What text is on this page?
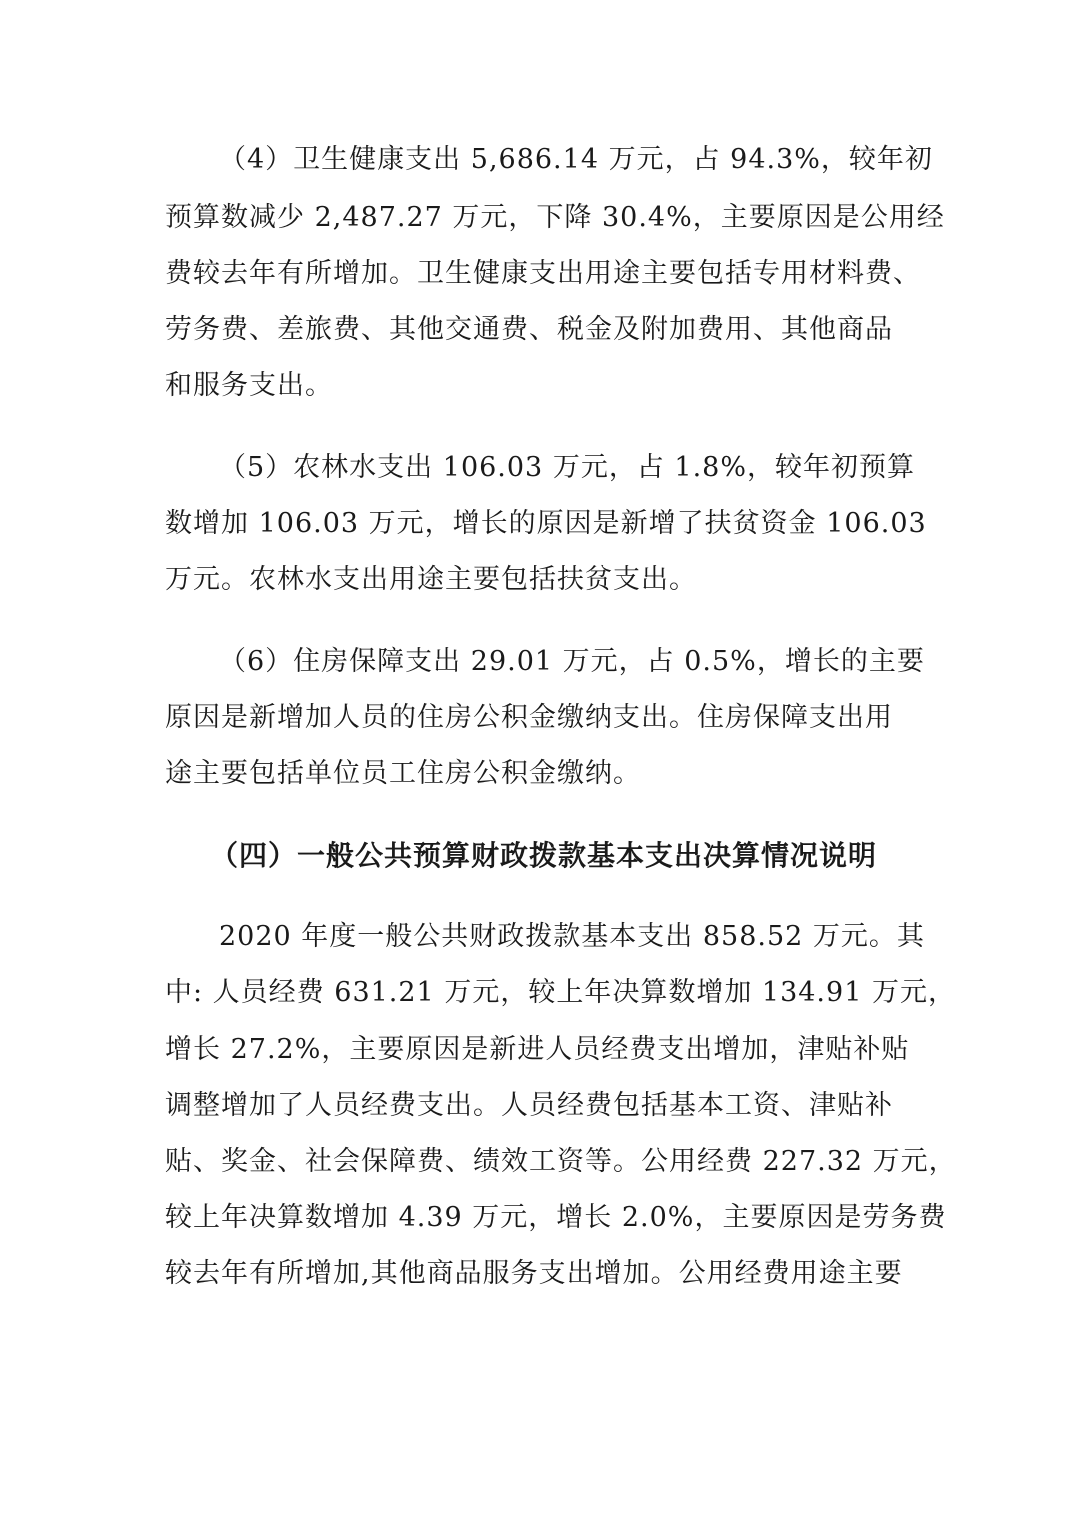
（4）卫生健康支出 5,686.14 万元，占 94.3%，较年初
预算数减少 2,487.27 万元，下降 30.4%，主要原因是公用经
费较去年有所增加。卫生健康支出用途主要包括专用材料费、
劳务费、差旅费、其他交通费、税金及附加费用、其他商品
和服务支出。
（5）农林水支出 106.03 万元，占 1.8%，较年初预算
数增加 106.03 万元，增长的原因是新增了扶贫资金 106.03
万元。农林水支出用途主要包括扶贫支出。
（6）住房保障支出 29.01 万元，占 0.5%，增长的主要
原因是新增加人员的住房公积金缴纳支出。住房保障支出用
途主要包括单位员工住房公积金缴纳。
（四）一般公共预算财政拨款基本支出决算情况说明
2020 年度一般公共财政拨款基本支出 858.52 万元。其
中: 人员经费 631.21 万元，较上年决算数增加 134.91 万元，
增长 27.2%，主要原因是新进人员经费支出增加，津贴补贴
调整增加了人员经费支出。人员经费包括基本工资、津贴补
贴、奖金、社会保障费、绩效工资等。公用经费 227.32 万元，
较上年决算数增加 4.39 万元，增长 2.0%，主要原因是劳务费
较去年有所增加,其他商品服务支出增加。公用经费用途主要
